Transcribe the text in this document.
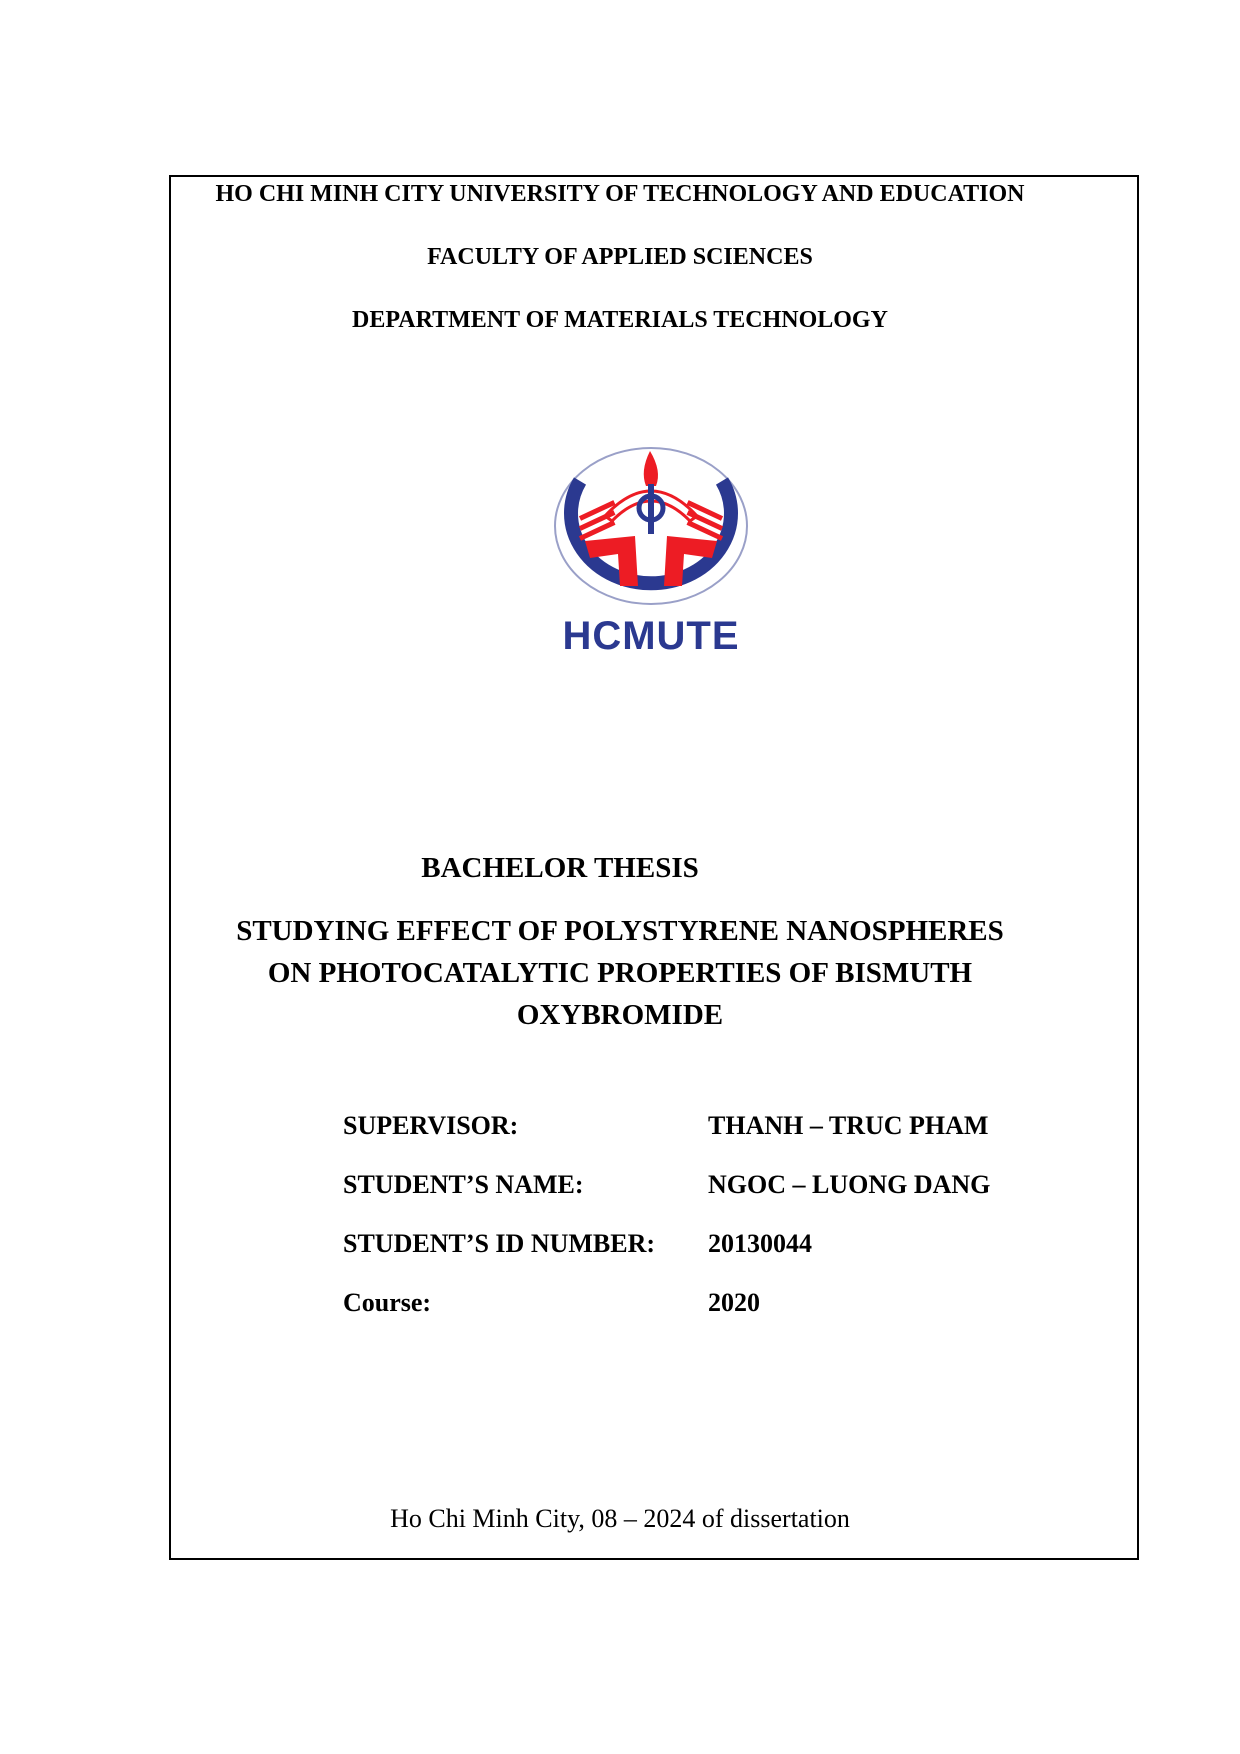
HO CHI MINH CITY UNIVERSITY OF TECHNOLOGY AND EDUCATION
FACULTY OF APPLIED SCIENCES
DEPARTMENT OF MATERIALS TECHNOLOGY
HCMUTE
BACHELOR THESIS
STUDYING EFFECT OF POLYSTYRENE NANOSPHERES
ON PHOTOCATALYTIC PROPERTIES OF BISMUTH
OXYBROMIDE
SUPERVISOR:	THANH – TRUC PHAM
STUDENT’S NAME:	NGOC – LUONG DANG
STUDENT’S ID NUMBER: 20130044
Course:	2020
Ho Chi Minh City, 08 – 2024 of dissertation
